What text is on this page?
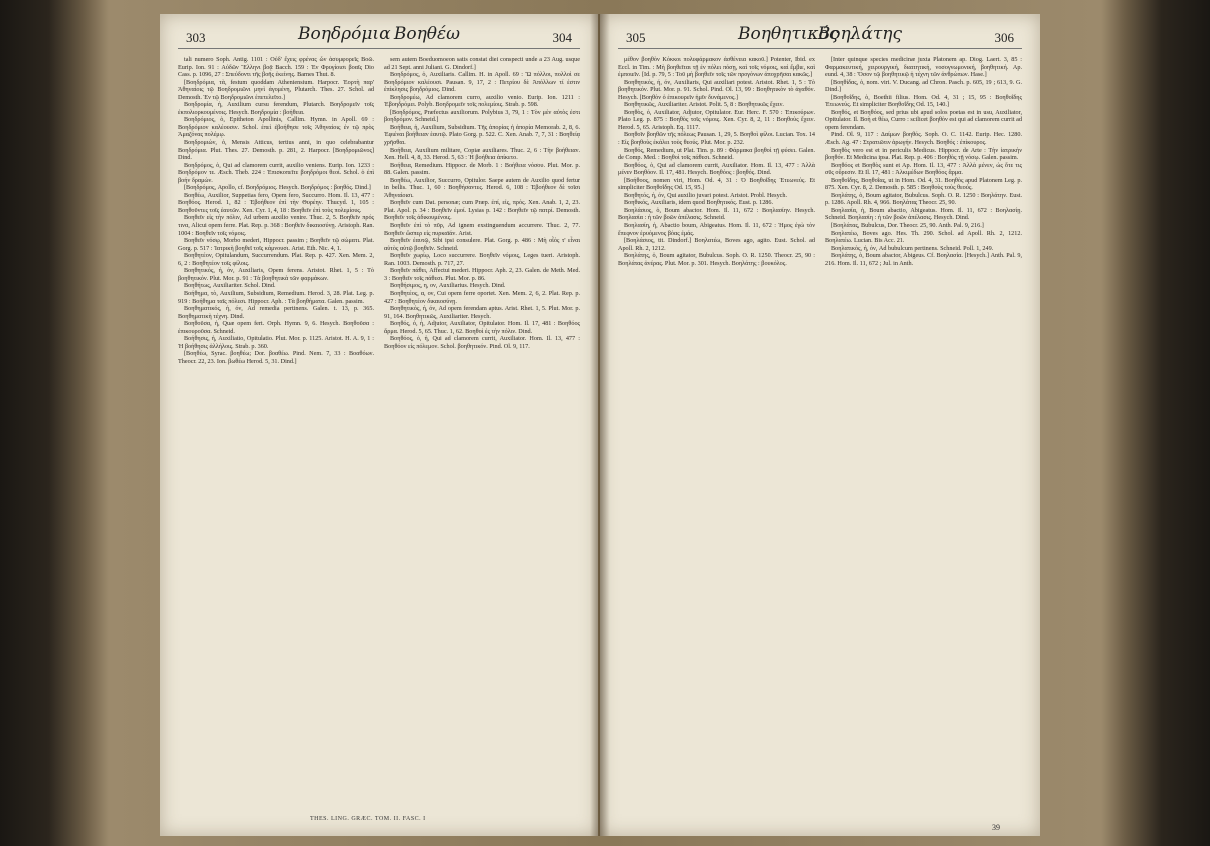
303	Βοηδρόμια Βοηθέω	304

tali numero Soph. Antig. 1101 : Οὐδ' ἔχεις φρένας ὧν ἀσυμφορεῖς Βοῶ. Eurip. Ion. 91 : Αὐδῶν Ἕλληνι βοᾷ Bacch. 159 : Ἐν Φρυγίοισι βοαῖς Dio Cass. p. 1096, 27 : Σπεύδοντι τῆς βοῆς ἐκείνης. Barnes Thut. 8.

[Βοηδρόμια, τὰ, festum quoddam Atheniensium. Harpocr. Ἑορτὴ παρ' Ἀθηναίοις τῷ Βοηδρομιῶνι μηνὶ ἀγομένη, Plutarch. Thes. 27. Schol. ad Demosth. Ἐν τῷ Βοηδρομιῶνι ἐπετελεῖτο.]

Βοηδρομία, ἡ, Auxilium cursu ferendum, Plutarch. Βοηδρομεῖν τοῖς ἐκπολιορκουμένοις. Hesych. Βοηδρομία : βοήθεια.

Βοηδρόμιος, ὁ, Epitheton Apollinis, Callim. Hymn. in Apoll. 69 : Βοηδρόμιον καλέουσιν. Schol. ἐπεὶ ἐβοήθησε τοῖς Ἀθηναίοις ἐν τῷ πρὸς Ἀμαζόνας πολέμῳ.

Βοηδρομιών, ὁ, Mensis Atticus, tertius anni, in quo celebrabantur Βοηδρόμια. Plut. Thes. 27. Demosth. p. 281, 2. Harpocr. [Βοηδρομιῶνος] Dind.

Βοηδρόμος, ὁ, Qui ad clamorem currit, auxilio veniens. Eurip. Ion. 1233 : Βοηδρόμον τε. Æsch. Theb. 224 : Ἐπισκοπεῖτε βοηδρόμοι θεοί. Schol. ὁ ἐπὶ βοήν δραμών.

[Βοηδρόμος, Apollo, cf. Βοηδρόμιος. Hesych. Βοηδρόμος : βοηθός. Dind.]

Βοηθέω, Auxilior, Suppetias fero, Opem fero, Succurro. Hom. Il. 13, 477 : Βοηθόος. Herod. 1, 82 : Ἐβοήθεον ἐπὶ τὴν Θυρέην. Thucyd. 1, 105 : Βοηθοῦντες τοῖς ἑαυτῶν. Xen. Cyr. 1, 4, 18 : Βοηθεῖν ἐπὶ τοὺς πολεμίους.

Βοηθεῖν εἰς τὴν πόλιν, Ad urbem auxilio venire. Thuc. 2, 5. Βοηθεῖν πρός τινα, Alicui opem ferre. Plat. Rep. p. 368 : Βοηθεῖν δικαιοσύνῃ. Aristoph. Ran. 1004 : Βοηθεῖν τοῖς νόμοις.

Βοηθεῖν νόσῳ, Morbo mederi, Hippocr. passim ; Βοηθεῖν τῷ σώματι. Plat. Gorg. p. 517 : Ἰατρικὴ βοηθεῖ τοῖς κάμνουσι. Arist. Eth. Nic. 4, 1.

Βοηθητέον, Opitulandum, Succurrendum. Plat. Rep. p. 427. Xen. Mem. 2, 6, 2 : Βοηθητέον τοῖς φίλοις.

Βοηθητικός, ή, όν, Auxiliaris, Opem ferens. Aristot. Rhet. 1, 5 : Τὸ βοηθητικόν. Plut. Mor. p. 91 : Τὰ βοηθητικὰ τῶν φαρμάκων.

Βοηθήτως, Auxiliariter. Schol. Dind.

Βοήθημα, τὸ, Auxilium, Subsidium, Remedium. Herod. 3, 28. Plat. Leg. p. 919 : Βοήθημα ταῖς πόλεσι. Hippocr. Aph. : Τὰ βοηθήματα. Galen. passim.

Βοηθηματικός, ή, όν, Ad remedia pertinens. Galen. t. 13, p. 365. Βοηθηματικὴ τέχνη. Dind.

Βοηθοῦσα, ἡ, Quæ opem fert. Orph. Hymn. 9, 6. Hesych. Βοηθοῦσα : ἐπικουροῦσα. Schneid.

Βοήθησις, ἡ, Auxiliatio, Opitulatio. Plut. Mor. p. 1125. Aristot. H. A. 9, 1 : Ἡ βοήθησις ἀλλήλοις. Strab. p. 360.

[Βοηθέω, Syrac. βοηθέω; Dor. βοαθέω. Pind. Nem. 7, 33 : Βοαθόων. Theocr. 22, 23. Ion. βωθέω Herod. 5, 31. Dind.]

sem autem Boeduomoeon satis constat diei conspecti unde a 23 Aug. usque ad 21 Sept. anni Juliani. G. Dindorf.]

Βοηδρόμος, ὁ, Auxiliaris. Callim. H. in Apoll. 69 : Ὤ πόλλοι, πολλοὶ σε Βοηδρόμιον καλέουσι. Pausan. 9, 17, 2 : Πετρίου δὲ Ἀπόλλων τί ἐστιν ἐπίκλησις βοηδρόμιος. Dind.

Βοηδρομέω, Ad clamorem curro, auxilio venio. Eurip. Ion. 1211 : Ἐβοηδρόμει. Polyb. Βοηδρομεῖν τοῖς πολεμίοις. Strab. p. 598.

[Βοηδρόμος, Præfectus auxiliorum. Polybius 3, 79, 1 : Τὸν μὲν αὐτὸς ἐστι βοηδρόμον. Schneid.]

Βοήθεια, ἡ, Auxilium, Subsidium. Τῆς ἀπορίας ἡ ἀπορία Memorab. 2, 8, 6. Ἐφιέναι βοήθειαν ἑαυτῷ. Plato Gorg. p. 522. C. Xen. Anab. 7, 7, 31 : Βοηθείᾳ χρῆσθαι.

Βοήθεια, Auxilium militare, Copiæ auxiliares. Thuc. 2, 6 : Τὴν βοήθειαν. Xen. Hell. 4, 8, 33. Herod. 5, 63 : Ἡ βοήθεια ἀπίκετο.

Βοήθεια, Remedium. Hippocr. de Morb. 1 : Βοήθεια νόσου. Plut. Mor. p. 88. Galen. passim.

Βοηθέω, Auxilior, Succurro, Opitulor. Saepe autem de Auxilio quod fertur in bellis. Thuc. 1, 60 : Βοηθήσαντες. Herod. 6, 108 : Ἐβοήθεον δὲ τοῖσι Ἀθηναίοισι.

Βοηθεῖν cum Dat. personæ; cum Præp. ἐπί, εἰς, πρός. Xen. Anab. 1, 2, 23. Plat. Apol. p. 34 : Βοηθεῖν ἐμοί. Lysias p. 142 : Βοηθεῖν τῷ πατρί. Demosth. Βοηθεῖν τοῖς ἀδικουμένοις.

Βοηθεῖν ἐπὶ τὸ πῦρ, Ad ignem exstinguendum accurrere. Thuc. 2, 77. Βοηθεῖν ὥσπερ εἰς πυρκαϊάν. Arist.

Βοηθεῖν ἑαυτῷ, Sibi ipsi consulere. Plat. Gorg. p. 486 : Μὴ οἷός τ' εἶναι αὐτὸς αὑτῷ βοηθεῖν. Schneid.

Βοηθεῖν χωρίῳ, Loco succurrere. Βοηθεῖν νόμοις, Leges tueri. Aristoph. Ran. 1003. Demosth. p. 717, 27.

Βοηθεῖν πάθει, Affectui mederi. Hippocr. Aph. 2, 23. Galen. de Meth. Med. 3 : Βοηθεῖν τοῖς πάθεσι. Plut. Mor. p. 86.

Βοηθήσιμος, η, ον, Auxiliarius. Hesych. Dind.

Βοηθητέος, α, ον, Cui opem ferre oportet. Xen. Mem. 2, 6, 2. Plat. Rep. p. 427 : Βοηθητέον δικαιοσύνῃ.

Βοηθητικός, ή, όν, Ad opem ferendam aptus. Arist. Rhet. 1, 5. Plut. Mor. p. 91, 164. Βοηθητικῶς, Auxiliariter. Hesych.

Βοηθός, ὁ, ἡ, Adjutor, Auxiliator, Opitulator. Hom. Il. 17, 481 : Βοηθόος ἅρμα. Herod. 5, 65. Thuc. 1, 62. Βοηθοὶ ἐς τὴν πόλιν. Dind.

Βοηθόος, ὁ, ἡ, Qui ad clamorem currit, Auxiliator. Hom. Il. 13, 477 : Βοηθόον εἰς πόλεμον. Schol. βοηθητικόν. Pind. Ol. 9, 117.

THES. LING. GRÆC. TOM. II. FASC. I
305	Βοηθητικός
Βοηλάτης	306

μέθον βοηθὸν Κόκκοι πολυφάρμακον ἀσθένεια κακοῦ.] Potenter, Ibid. ex Eccl. in Tim. : Μὴ βοηθεῖται τῇ ἐν πόλει πόσῃ, καὶ τοῖς νόμοις, καὶ ἔμβιε, καὶ ἐμποιεῖν. [Id. p. 79, 5 : Τοῦ μὴ βοηθεῖν τοῖς τῶν προγόνων ἀποχρῆσαι κακῶς.]

Βοηθητικός, ή, όν, Auxiliaris, Qui auxiliari potest. Aristot. Rhet. 1, 5 : Τὸ βοηθητικόν. Plut. Mor. p. 91. Schol. Pind. Ol. 13, 99 : Βοηθητικὸν τὸ ἀγαθόν. Hesych. [Βοηθὸν ὁ ἐπικουρεῖν ἡμῖν δυνάμενος.]

Βοηθητικῶς, Auxiliariter. Aristot. Polit. 5, 8 : Βοηθητικῶς ἔχειν.

Βοηθὸς, ὁ, Auxiliator, Adjutor, Opitulator. Eur. Herc. F. 570 : Ἐπικούρων. Plato Leg. p. 875 : Βοηθὸς τοῖς νόμοις. Xen. Cyr. 8, 2, 11 : Βοηθοὺς ἔχειν. Herod. 5, 65. Aristoph. Eq. 1117.

Βοηθοῖν βοηθῶν τῆς πόλεως Pausan. 1, 29, 5. Βοηθοὶ φίλοι. Lucian. Tox. 14 : Εἰς βοηθοὺς ἐκάλει τοὺς θεούς. Plut. Mor. p. 232.

Βοηθός, Remedium, ut Plat. Tim. p. 89 : Φάρμακα βοηθοὶ τῇ φύσει. Galen. de Comp. Med. : Βοηθοὶ τοῖς πάθεσι. Schneid.

Βοηθόος, ὁ, Qui ad clamorem currit, Auxiliator. Hom. Il. 13, 477 : Ἀλλὰ μένεν Βοηθόον. Il. 17, 481. Hesych. Βοηθόος : βοηθός. Dind.

[Βοήθοος, nomen viri, Hom. Od. 4, 31 : Ὁ Βοηθοΐδης Ἐτεωνεύς. Et simpliciter Βοηθοΐδης Od. 15, 95.]

Βοηθητός, ή, όν, Qui auxilio juvari potest. Aristot. Probl. Hesych.

Βοηθικός, Auxiliaris, idem quod Βοηθητικός. Eust. p. 1286.

Βοηλάσιος, ὁ, Boum abactor. Hom. Il. 11, 672 : Βοηλασίην. Hesych. Βοηλασία : ἡ τῶν βοῶν ἀπέλασις. Schneid.

Βοηλασίη, ἡ, Abactio boum, Abigeatus. Hom. Il. 11, 672 : Ἡμος ἐγὼ τὸν ἔπεφνον ἐρυόμενος βόας ἐμάς.

[Βοηλάσιος, tit. Dindorf.] Βοηλατέω, Boves ago, agito. Eust. Schol. ad Apoll. Rh. 2, 1212.

Βοηλάτης, ὁ, Boum agitator, Bubulcus. Soph. O. R. 1250. Theocr. 25, 90 : Βοηλάτας ἀνέρας. Plut. Mor. p. 301. Hesych. Βοηλάτης : βουκόλος.

[Inter quinque species medicinæ juxta Platonem ap. Diog. Laert. 3, 85 : Φαρμακευτική, χειρουργική, διαιτητική, νοσογνωμονική, βοηθητική. Ap. eund. 4, 38 : Ὅσον τῷ βοηθητικῷ ἡ τέχνη τῶν ἀνθρώπων. Hase.]

[Βοηθίδας, ὁ, nom. viri. V. Ducang. ad Chron. Pasch. p. 605, 19 ; 613, 9. G. Dind.]

[Βοηθοΐδης, ὁ, Boethii filius. Hom. Od. 4, 31 ; 15, 95 : Βοηθοΐδης Ἐτεωνεύς. Et simpliciter Βοηθοΐδης Od. 15, 140.]

Βοηθός, et Βοηθόος, sed prius ubi apud solos poetas est in usu, Auxiliator, Opitulator. Il. Βοὴ et θέω, Curro : scilicet βοηθὸν est qui ad clamorem currit ad opem ferendam.

Pind. Ol. 9, 117 : Δαίμων βοηθός. Soph. O. C. 1142. Eurip. Hec. 1280. Æsch. Ag. 47 : Στρατιῶτιν ἀρωγήν. Hesych. Βοηθός : ἐπίκουρος.

Βοηθὸς vero est et in periculis Medicus. Hippocr. de Arte : Τὴν ἰατρικὴν βοηθόν. Et Medicina ipsa. Plat. Rep. p. 406 : Βοηθὸς τῇ νόσῳ. Galen. passim.

Βοηθόος et Βοηθὸς sunt et Ap. Hom. Il. 13, 477 : Ἀλλὰ μένεν, ὡς ὅτε τις σῦς οὔρεσιν. Et Il. 17, 481 : Ἀλκιμέδων Βοηθόος ἅρμα.

Βοηθοΐδης, Βοηθοΐας, ut in Hom. Od. 4, 31. Βοηθὸς apud Platonem Leg. p. 875. Xen. Cyr. 8, 2. Demosth. p. 585 : Βοηθοὺς τοὺς θεούς.

Βοηλάτης, ὁ, Boum agitator, Bubulcus. Soph. O. R. 1250 : Βοηλάτην. Eust. p. 1286. Apoll. Rh. 4, 966. Βοηλάτας Theocr. 25, 90.

Βοηλασία, ἡ, Boum abactio, Abigeatus. Hom. Il. 11, 672 : Βοηλασίῃ. Schneid. Βοηλασίη : ἡ τῶν βοῶν ἀπέλασις. Hesych. Dind.

[Βοηλάτας, Bubulcus, Dor. Theocr. 25, 90. Anth. Pal. 9, 216.]

Βοηλατέω, Boves ago. Hes. Th. 290. Schol. ad Apoll. Rh. 2, 1212. Βοηλατέω. Lucian. Bis Acc. 21.

Βοηλατικὸς, ή, όν, Ad bubulcum pertinens. Schneid. Poll. 1, 249.

Βοηλάτης, ὁ, Boum abactor, Abigeus. Cf. Βοηλασία. [Hesych.] Anth. Pal. 9, 216. Hom. Il. 11, 672 ; Jul. in Anth.

39
